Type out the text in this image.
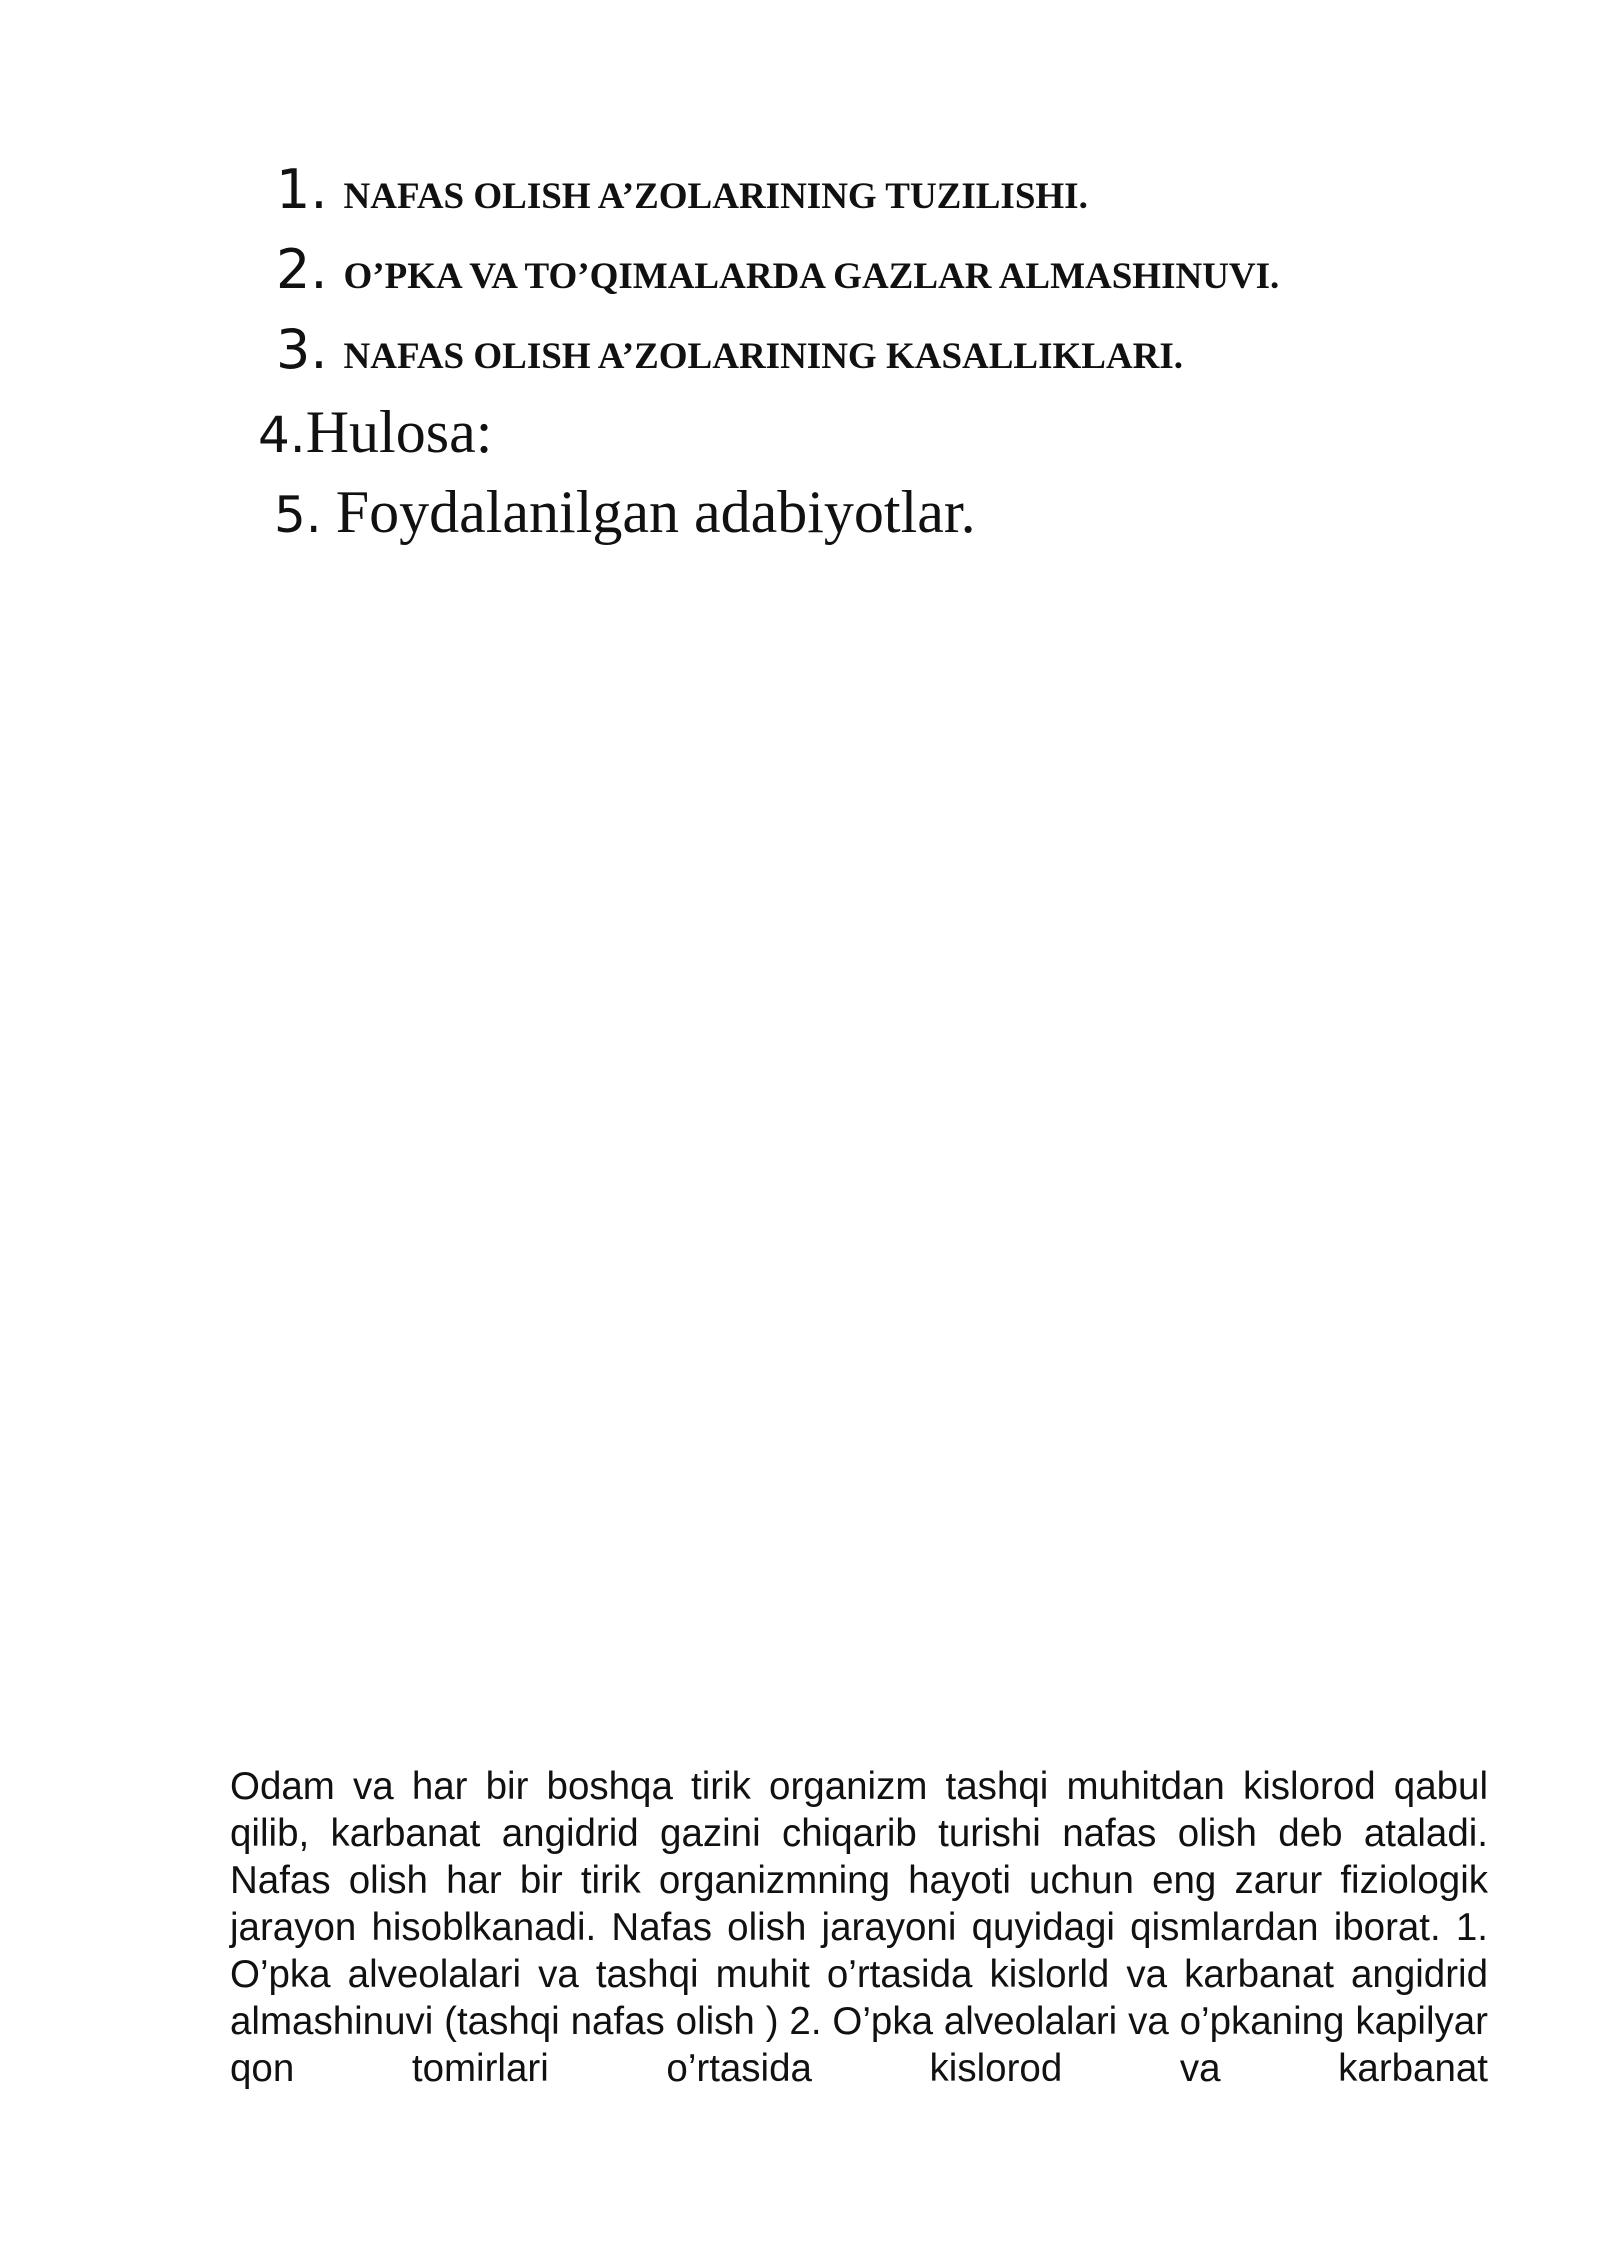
1. NAFAS OLISH A’ZOLARINING TUZILISHI.
2. O’PKA VA TO’QIMALARDA GAZLAR ALMASHINUVI.
3. NAFAS OLISH A’ZOLARINING KASALLIKLARI.
4. Hulosa:
5. Foydalanilgan adabiyotlar.

Odam va har bir boshqa tirik organizm tashqi muhitdan kislorod qabul qilib, karbanat angidrid gazini chiqarib turishi nafas olish deb ataladi. Nafas olish har bir tirik organizmning hayoti uchun eng zarur fiziologik jarayon hisoblkanadi. Nafas olish jarayoni quyidagi qismlardan iborat. 1. O’pka alveolalari va tashqi muhit o’rtasida kislorld va karbanat angidrid almashinuvi (tashqi nafas olish ) 2. O’pka alveolalari va o’pkaning kapilyar qon tomirlari o’rtasida kislorod va karbanat
